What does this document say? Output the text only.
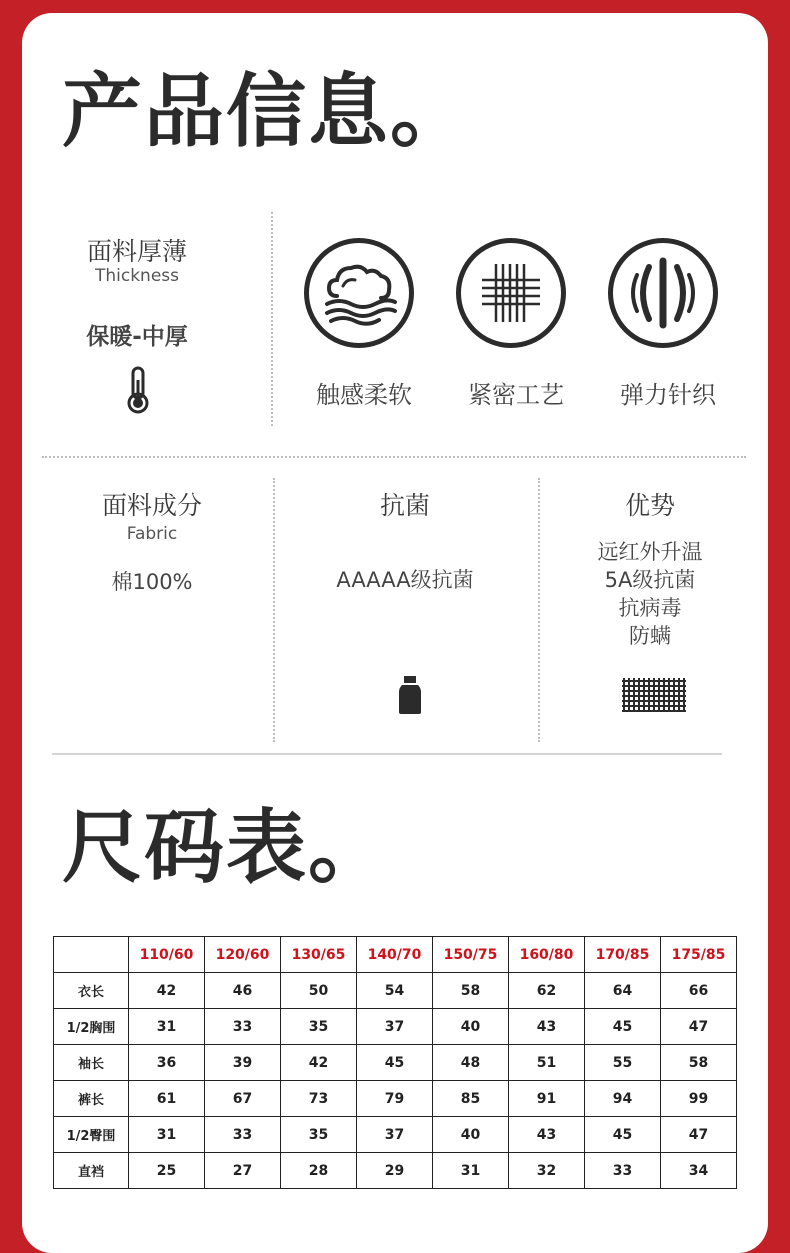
产品信息。
面料厚薄
Thickness
保暖-中厚
触感柔软	紧密工艺	弹力针织
面料成分
Fabric
棉100%
抗菌
AAAAA级抗菌
优势
远红外升温
5A级抗菌
抗病毒
防螨
尺码表。
	110/60	120/60	130/65	140/70	150/75	160/80	170/85	175/85
衣长	42	46	50	54	58	62	64	66
1/2胸围	31	33	35	37	40	43	45	47
袖长	36	39	42	45	48	51	55	58
裤长	61	67	73	79	85	91	94	99
1/2臀围	31	33	35	37	40	43	45	47
直裆	25	27	28	29	31	32	33	34
